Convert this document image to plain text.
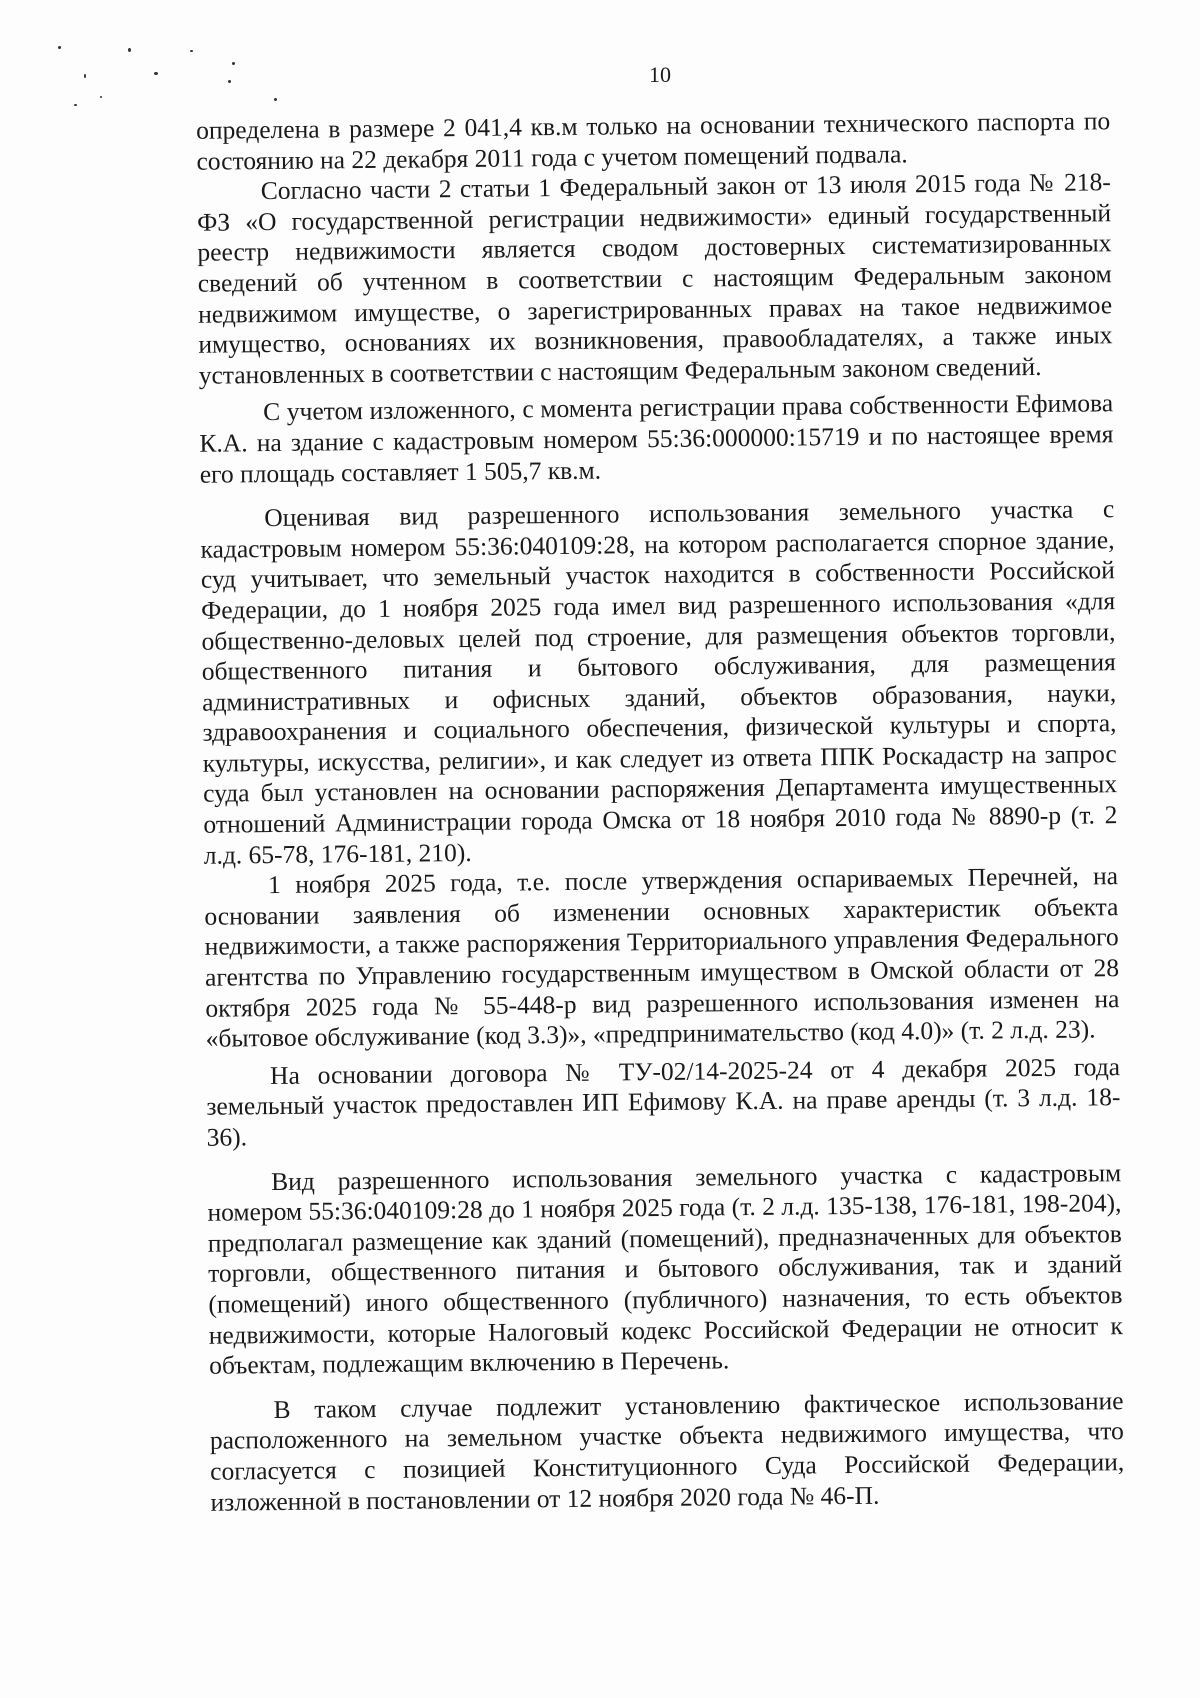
10

определена в размере 2 041,4 кв.м только на основании технического паспорта по состоянию на 22 декабря 2011 года с учетом помещений подвала.

Согласно части 2 статьи 1 Федеральный закон от 13 июля 2015 года № 218-ФЗ «О государственной регистрации недвижимости» единый государственный реестр недвижимости является сводом достоверных систематизированных сведений об учтенном в соответствии с настоящим Федеральным законом недвижимом имуществе, о зарегистрированных правах на такое недвижимое имущество, основаниях их возникновения, правообладателях, а также иных установленных в соответствии с настоящим Федеральным законом сведений.

С учетом изложенного, с момента регистрации права собственности Ефимова К.А. на здание с кадастровым номером 55:36:000000:15719 и по настоящее время его площадь составляет 1 505,7 кв.м.

Оценивая вид разрешенного использования земельного участка с кадастровым номером 55:36:040109:28, на котором располагается спорное здание, суд учитывает, что земельный участок находится в собственности Российской Федерации, до 1 ноября 2025 года имел вид разрешенного использования «для общественно-деловых целей под строение, для размещения объектов торговли, общественного питания и бытового обслуживания, для размещения административных и офисных зданий, объектов образования, науки, здравоохранения и социального обеспечения, физической культуры и спорта, культуры, искусства, религии», и как следует из ответа ППК Роскадастр на запрос суда был установлен на основании распоряжения Департамента имущественных отношений Администрации города Омска от 18 ноября 2010 года № 8890-р (т. 2 л.д. 65-78, 176-181, 210).

1 ноября 2025 года, т.е. после утверждения оспариваемых Перечней, на основании заявления об изменении основных характеристик объекта недвижимости, а также распоряжения Территориального управления Федерального агентства по Управлению государственным имуществом в Омской области от 28 октября 2025 года № 55-448-р вид разрешенного использования изменен на «бытовое обслуживание (код 3.3)», «предпринимательство (код 4.0)» (т. 2 л.д. 23).

На основании договора № ТУ-02/14-2025-24 от 4 декабря 2025 года земельный участок предоставлен ИП Ефимову К.А. на праве аренды (т. 3 л.д. 18-36).

Вид разрешенного использования земельного участка с кадастровым номером 55:36:040109:28 до 1 ноября 2025 года (т. 2 л.д. 135-138, 176-181, 198-204), предполагал размещение как зданий (помещений), предназначенных для объектов торговли, общественного питания и бытового обслуживания, так и зданий (помещений) иного общественного (публичного) назначения, то есть объектов недвижимости, которые Налоговый кодекс Российской Федерации не относит к объектам, подлежащим включению в Перечень.

В таком случае подлежит установлению фактическое использование расположенного на земельном участке объекта недвижимого имущества, что согласуется с позицией Конституционного Суда Российской Федерации, изложенной в постановлении от 12 ноября 2020 года № 46-П.
